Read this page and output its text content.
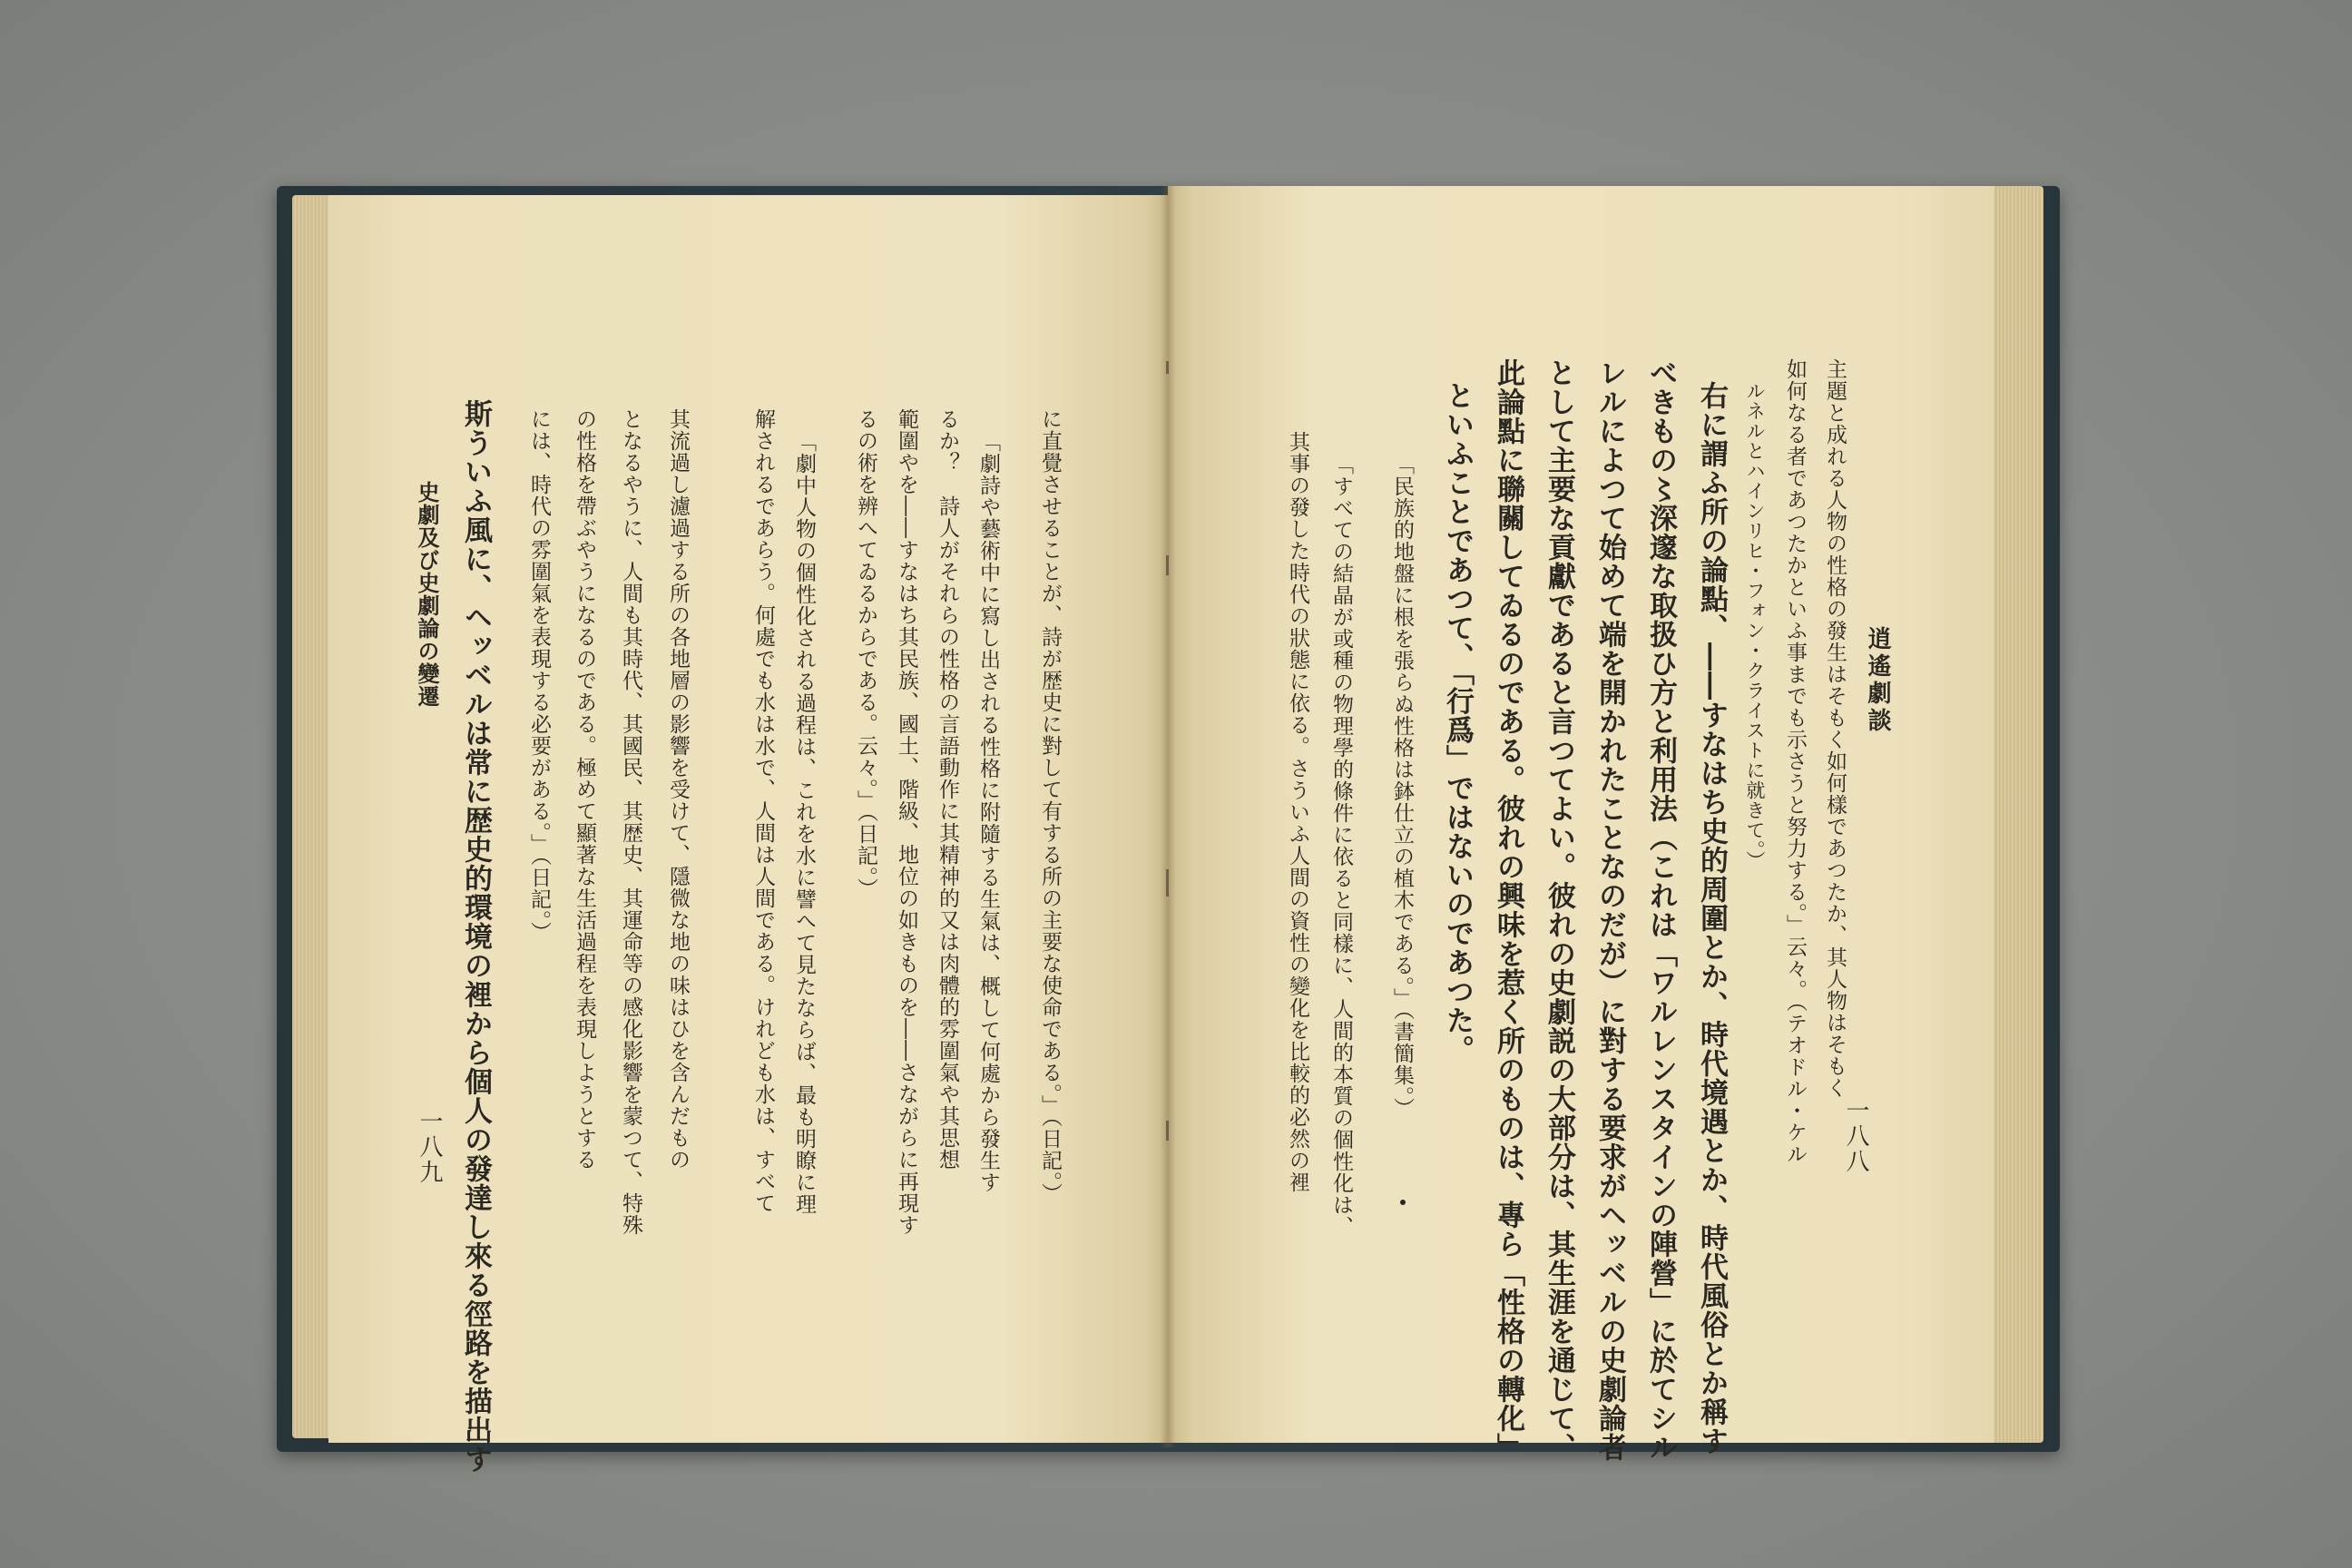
逍遙劇談
一八八
主題と成れる人物の性格の發生はそもく如何樣であつたか、其人物はそもく
如何なる者であつたかといふ事までも示さうと努力する。」云々。（テオドル・ケル
ルネルとハインリヒ・フォン・クライストに就きて。）
右に謂ふ所の論點、――すなはち史的周圍とか、時代境遇とか、時代風俗とか稱す
べきもの〻深邃な取扱ひ方と利用法（これは「ワルレンスタインの陣營」に於てシル
レルによつて始めて端を開かれたことなのだが）に對する要求がヘッベルの史劇論者
として主要な貢獻であると言つてよい。彼れの史劇説の大部分は、其生涯を通じて、
此論點に聯關してゐるのである。彼れの興味を惹く所のものは、專ら「性格の轉化」
といふことであつて、「行爲」ではないのであつた。
「民族的地盤に根を張らぬ性格は鉢仕立の植木である。」（書簡集。）
「すべての結晶が或種の物理學的條件に依ると同樣に、人間的本質の個性化は、
其事の發した時代の狀態に依る。さういふ人間の資性の變化を比較的必然の裡
に直覺させることが、詩が歴史に對して有する所の主要な使命である。」（日記。）
「劇詩や藝術中に寫し出される性格に附隨する生氣は、概して何處から發生す
るか？　詩人がそれらの性格の言語動作に其精神的又は肉體的雰圍氣や其思想
範圍やを――すなはち其民族、國土、階級、地位の如きものを――さながらに再現す
るの術を辨へてゐるからである。云々。」（日記。）
「劇中人物の個性化される過程は、これを水に譬へて見たならば、最も明瞭に理
解されるであらう。何處でも水は水で、人間は人間である。けれども水は、すべて
其流過し濾過する所の各地層の影響を受けて、隱微な地の味はひを含んだもの
となるやうに、人間も其時代、其國民、其歴史、其運命等の感化影響を蒙つて、特殊
の性格を帶ぶやうになるのである。極めて顯著な生活過程を表現しようとする
には、時代の雰圍氣を表現する必要がある。」（日記。）
斯ういふ風に、ヘッベルは常に歴史的環境の裡から個人の發達し來る徑路を描出す
史劇及び史劇論の變遷
一八九
